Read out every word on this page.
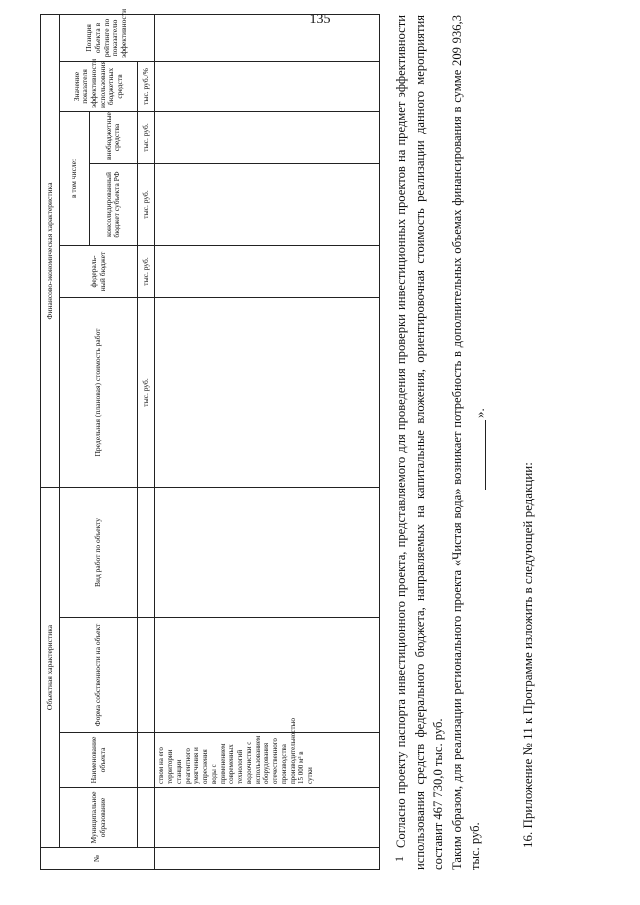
135
№	Объектная характеристика				Финансово-экономическая характеристика					
	Муниципальное образование	Наименование объекта	Форма собственности на объект	Вид работ по объекту	Предельная (плановая) стоимость работ	федераль-ный бюджет	в том числе:		Значение показателя эффективности использования бюджетных средств	Позиция объекта в рейтинге по показателю эффективности
							консолидированный бюджет субъекта РФ	внебюджетные средства		
					тыс. руб.	тыс. руб.	тыс. руб.	тыс. руб.	тыс. руб./%	
		ством на его территории станции реагентного умягчения и опреснения воды с применением современных технологий водоочистки с использованием оборудования отечественного производства производительностью 15 000 м³ в сутки								
1

Согласно проекту паспорта инвестиционного проекта, представляемого для проведения проверки инвестиционных проектов на предмет эффективности использования средств федерального бюджета, направляемых на капитальные вложения, ориентировочная стоимость реализации данного мероприятия составит 467 730,0 тыс. руб. Таким образом, для реализации регионального проекта «Чистая вода» возникает потребность в дополнительных объемах финансирования в сумме 209 936,3 тыс. руб.

».
16. Приложение № 11 к Программе изложить в следующей редакции:
